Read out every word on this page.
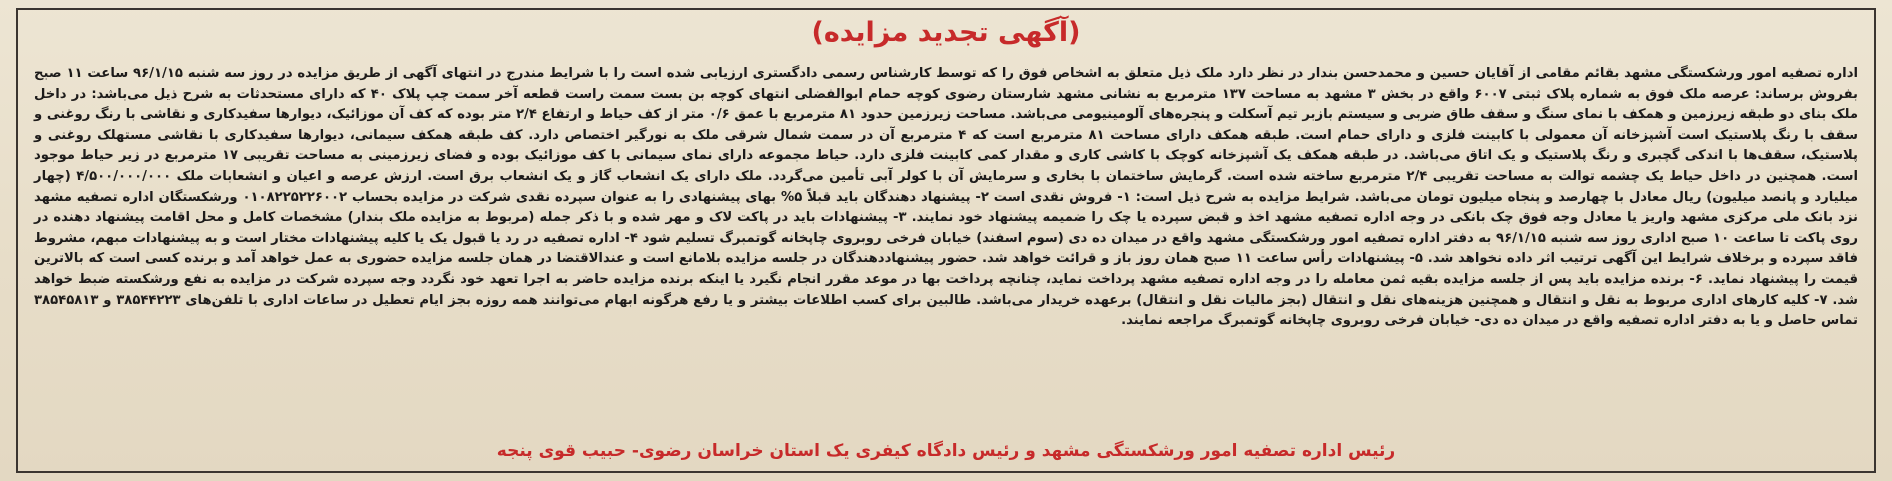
(آگهی تجدید مزایده)
اداره تصفیه امور ورشکستگی مشهد بقائم مقامی از آقایان حسین و محمدحسن بندار در نظر دارد ملک ذیل متعلق به اشخاص فوق را که توسط کارشناس رسمی دادگستری ارزیابی شده است را با شرایط مندرج در انتهای آگهی از طریق مزایده در روز سه شنبه ۹۶/۱/۱۵ ساعت ۱۱ صبح بفروش برساند: عرصه ملک فوق به شماره پلاک ثبتی ۶۰۰۷ واقع در بخش ۳ مشهد به مساحت ۱۳۷ مترمربع به نشانی مشهد شارستان رضوی کوچه حمام ابوالفضلی انتهای کوچه بن بست سمت راست قطعه آخر سمت چپ پلاک ۴۰ که دارای مستحدثات به شرح ذیل می‌باشد: در داخل ملک بنای دو طبقه زیرزمین و همکف با نمای سنگ و سقف طاق ضربی و سیستم بازبر تیم آسکلت و پنجره‌های آلومینیومی می‌باشد. مساحت زیرزمین حدود ۸۱ مترمربع با عمق ۰/۶ متر از کف حیاط و ارتفاع ۲/۴ متر بوده که کف آن موزائیک، دیوارها سفیدکاری و نقاشی با رنگ روغنی و سقف با رنگ پلاستیک است آشپزخانه آن معمولی با کابینت فلزی و دارای حمام است. طبقه همکف دارای مساحت ۸۱ مترمربع است که ۴ مترمربع آن در سمت شمال شرقی ملک به نورگیر اختصاص دارد. کف طبقه همکف سیمانی، دیوارها سفیدکاری با نقاشی مستهلک روغنی و پلاستیک، سقف‌ها با اندکی گچبری و رنگ پلاستیک و یک اتاق می‌باشد. در طبقه همکف یک آشپزخانه کوچک با کاشی کاری و مقدار کمی کابینت فلزی دارد. حیاط مجموعه دارای نمای سیمانی با کف موزائیک بوده و فضای زیرزمینی به مساحت تقریبی ۱۷ مترمربع در زیر حیاط موجود است. همچنین در داخل حیاط یک چشمه توالت به مساحت تقریبی ۲/۴ مترمربع ساخته شده است. گرمایش ساختمان با بخاری و سرمایش آن با کولر آبی تأمین می‌گردد. ملک دارای یک انشعاب گاز و یک انشعاب برق است. ارزش عرصه و اعیان و انشعابات ملک ۴/۵۰۰/۰۰۰/۰۰۰ (چهار میلیارد و پانصد میلیون) ریال معادل با چهارصد و پنجاه میلیون تومان می‌باشد. شرایط مزایده به شرح ذیل است: ۱- فروش نقدی است ۲- پیشنهاد دهندگان باید قبلاً ۵% بهای پیشنهادی را به عنوان سپرده نقدی شرکت در مزایده بحساب ۰۱۰۸۲۲۵۲۲۶۰۰۲ ورشکستگان اداره تصفیه مشهد نزد بانک ملی مرکزی مشهد واریز یا معادل وجه فوق چک بانکی در وجه اداره تصفیه مشهد اخذ و قبض سپرده یا چک را ضمیمه پیشنهاد خود نمایند. ۳- پیشنهادات باید در پاکت لاک و مهر شده و با ذکر جمله (مربوط به مزایده ملک بندار) مشخصات کامل و محل اقامت پیشنهاد دهنده در روی پاکت تا ساعت ۱۰ صبح اداری روز سه شنبه ۹۶/۱/۱۵ به دفتر اداره تصفیه امور ورشکستگی مشهد واقع در میدان ده دی (سوم اسفند) خیابان فرخی روبروی چاپخانه گوتمبرگ تسلیم شود ۴- اداره تصفیه در رد یا قبول یک یا کلیه پیشنهادات مختار است و به پیشنهادات مبهم، مشروط فاقد سپرده و برخلاف شرایط این آگهی ترتیب اثر داده نخواهد شد. ۵- پیشنهادات رأس ساعت ۱۱ صبح همان روز باز و قرائت خواهد شد. حضور پیشنهاددهندگان در جلسه مزایده بلامانع است و عندالاقتضا در همان جلسه مزایده حضوری به عمل خواهد آمد و برنده کسی است که بالاترین قیمت را پیشنهاد نماید. ۶- برنده مزایده باید پس از جلسه مزایده بقیه ثمن معامله را در وجه اداره تصفیه مشهد پرداخت نماید، چنانچه پرداخت بها در موعد مقرر انجام نگیرد یا اینکه برنده مزایده حاضر به اجرا تعهد خود نگردد وجه سپرده شرکت در مزایده به نفع ورشکسته ضبط خواهد شد. ۷- کلیه کارهای اداری مربوط به نقل و انتقال و همچنین هزینه‌های نقل و انتقال (بجز مالیات نقل و انتقال) برعهده خریدار می‌باشد. طالبین برای کسب اطلاعات بیشتر و یا رفع هرگونه ابهام می‌توانند همه روزه بجز ایام تعطیل در ساعات اداری با تلفن‌های ۳۸۵۴۴۲۲۳ و ۳۸۵۴۵۸۱۳ تماس حاصل و یا به دفتر اداره تصفیه واقع در میدان ده دی- خیابان فرخی روبروی چاپخانه گوتمبرگ مراجعه نمایند.
رئیس اداره تصفیه امور ورشکستگی مشهد و رئیس دادگاه کیفری یک استان خراسان رضوی- حبیب قوی پنجه
